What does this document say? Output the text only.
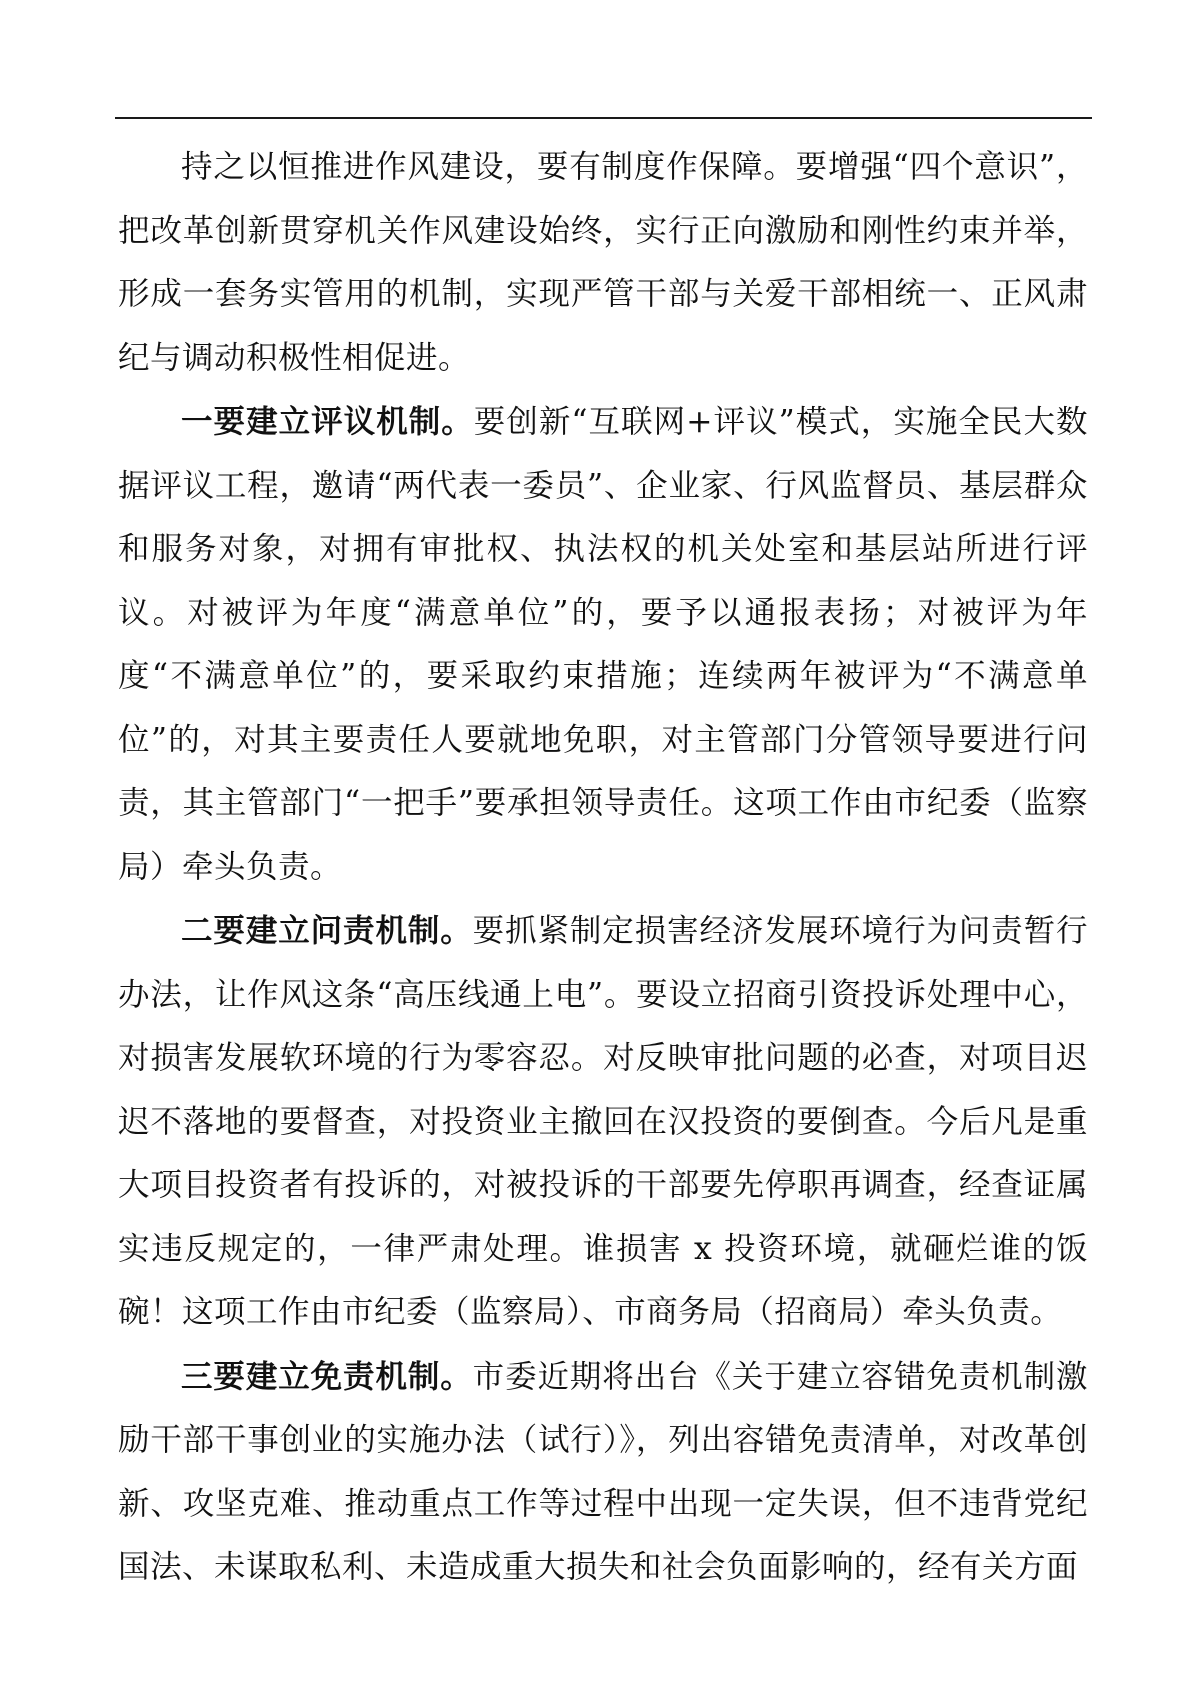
持之以恒推进作风建设，要有制度作保障。要增强“四个意识”，把改革创新贯穿机关作风建设始终，实行正向激励和刚性约束并举，形成一套务实管用的机制，实现严管干部与关爱干部相统一、正风肃纪与调动积极性相促进。

一要建立评议机制。要创新“互联网+评议”模式，实施全民大数据评议工程，邀请“两代表一委员”、企业家、行风监督员、基层群众和服务对象，对拥有审批权、执法权的机关处室和基层站所进行评议。对被评为年度“满意单位”的，要予以通报表扬；对被评为年度“不满意单位”的，要采取约束措施；连续两年被评为“不满意单位”的，对其主要责任人要就地免职，对主管部门分管领导要进行问责，其主管部门“一把手”要承担领导责任。这项工作由市纪委（监察局）牵头负责。

二要建立问责机制。要抓紧制定损害经济发展环境行为问责暂行办法，让作风这条“高压线通上电”。要设立招商引资投诉处理中心，对损害发展软环境的行为零容忍。对反映审批问题的必查，对项目迟迟不落地的要督查，对投资业主撤回在汉投资的要倒查。今后凡是重大项目投资者有投诉的，对被投诉的干部要先停职再调查，经查证属实违反规定的，一律严肃处理。谁损害 x 投资环境，就砸烂谁的饭碗！这项工作由市纪委（监察局）、市商务局（招商局）牵头负责。

三要建立免责机制。市委近期将出台《关于建立容错免责机制激励干部干事创业的实施办法（试行）》，列出容错免责清单，对改革创新、攻坚克难、推动重点工作等过程中出现一定失误，但不违背党纪国法、未谋取私利、未造成重大损失和社会负面影响的，经有关方面
